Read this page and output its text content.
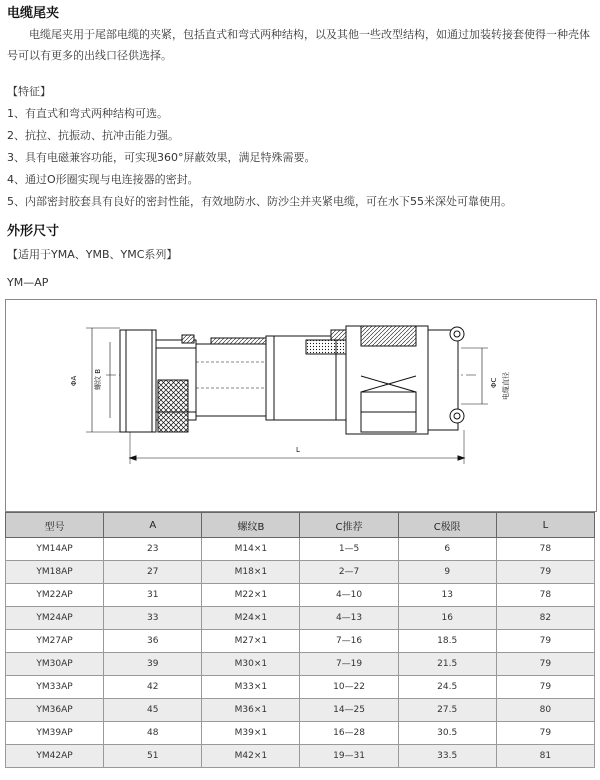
电缆尾夹
电缆尾夹用于尾部电缆的夹紧，包括直式和弯式两种结构，以及其他一些改型结构，如通过加装转接套使得一种壳体号可以有更多的出线口径供选择。
【特征】
1、有直式和弯式两种结构可选。
2、抗拉、抗振动、抗冲击能力强。
3、具有电磁兼容功能，可实现360°屏蔽效果，满足特殊需要。
4、通过O形圈实现与电连接器的密封。
5、内部密封胶套具有良好的密封性能，有效地防水、防沙尘并夹紧电缆，可在水下55米深处可靠使用。
外形尺寸
【适用于YMA、YMB、YMC系列】
YM—AP
ΦA 螺纹 B
L
ΦC 电缆直径
型号	A	螺纹B	C推荐	C极限	L
YM14AP	23	M14×1	1—5	6	78
YM18AP	27	M18×1	2—7	9	79
YM22AP	31	M22×1	4—10	13	78
YM24AP	33	M24×1	4—13	16	82
YM27AP	36	M27×1	7—16	18.5	79
YM30AP	39	M30×1	7—19	21.5	79
YM33AP	42	M33×1	10—22	24.5	79
YM36AP	45	M36×1	14—25	27.5	80
YM39AP	48	M39×1	16—28	30.5	79
YM42AP	51	M42×1	19—31	33.5	81
